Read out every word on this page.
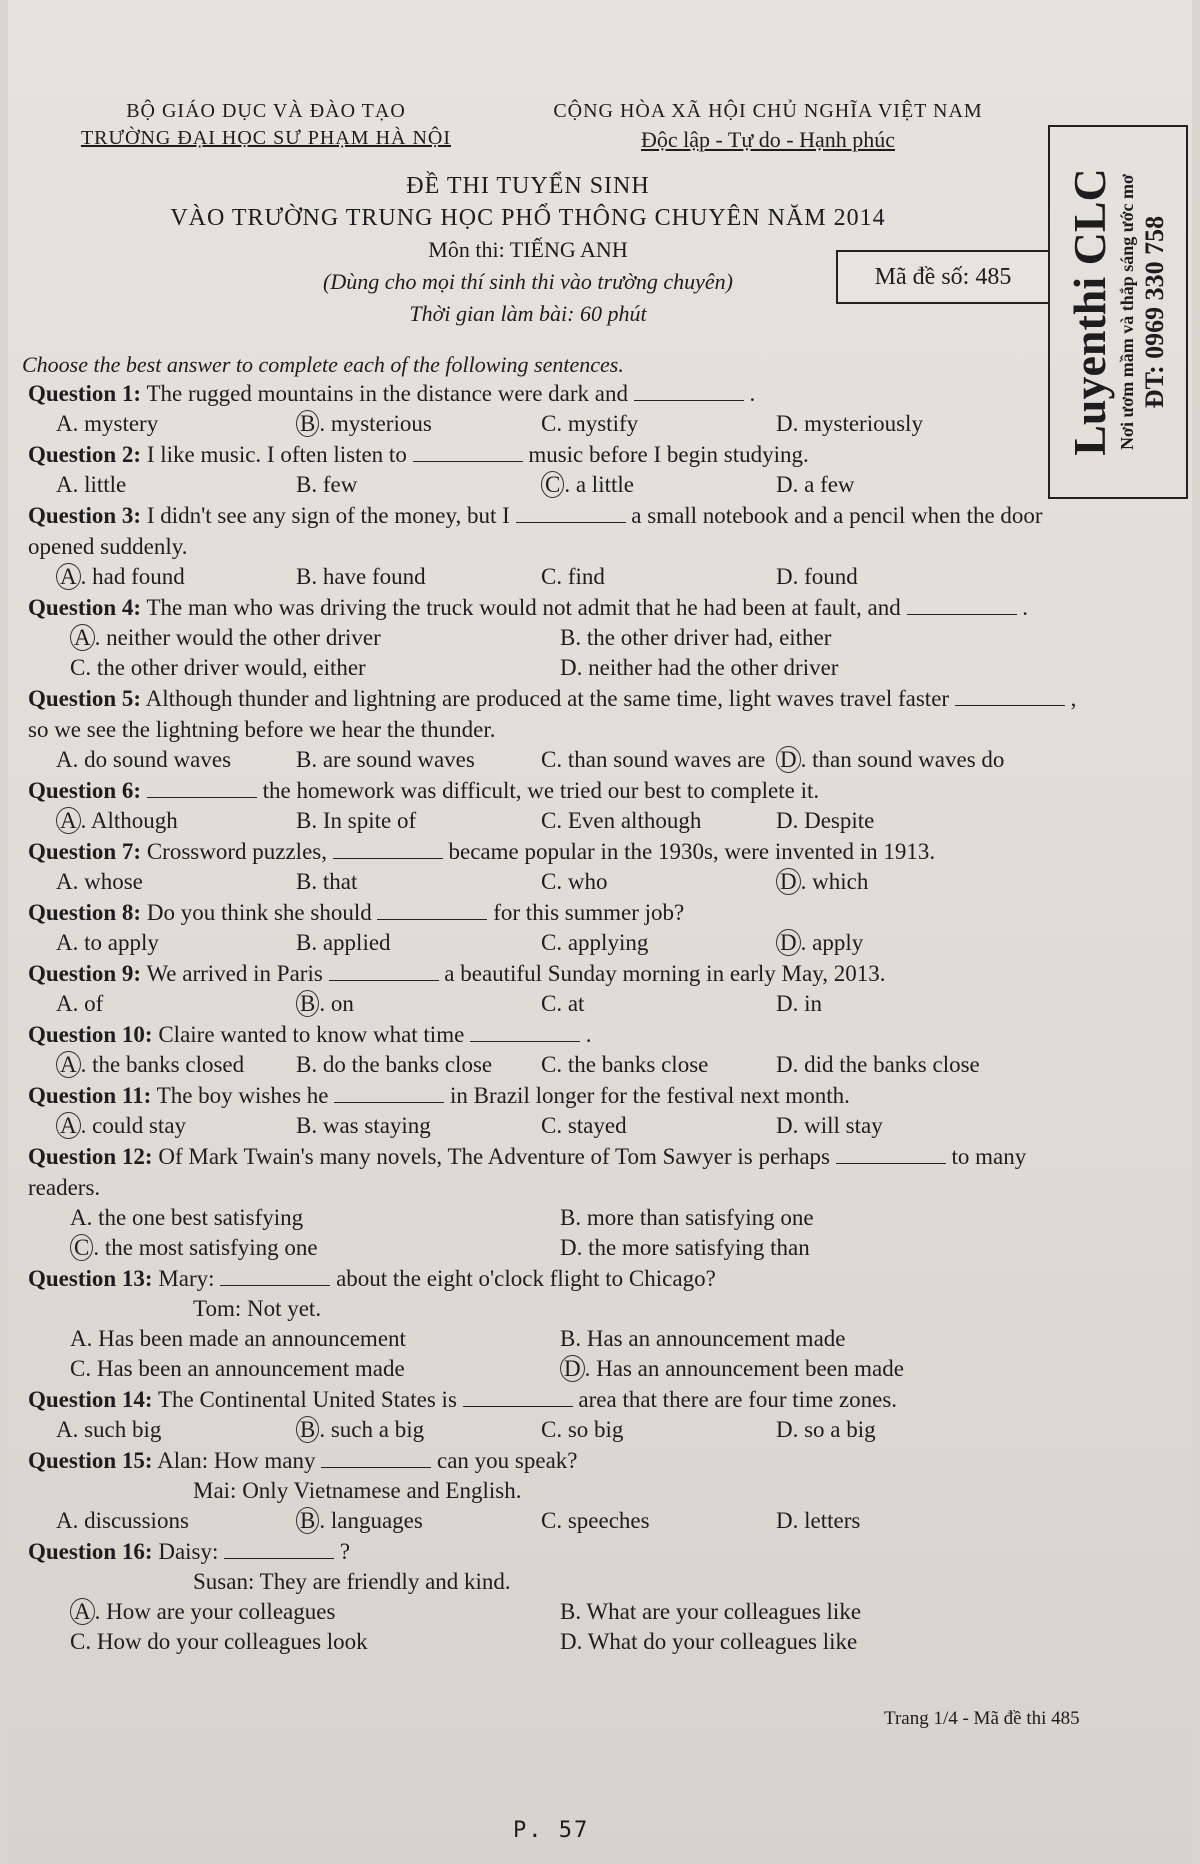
BỘ GIÁO DỤC VÀ ĐÀO TẠO
TRƯỜNG ĐẠI HỌC SƯ PHẠM HÀ NỘI
CỘNG HÒA XÃ HỘI CHỦ NGHĨA VIỆT NAM
Độc lập - Tự do - Hạnh phúc
ĐỀ THI TUYỂN SINH
VÀO TRƯỜNG TRUNG HỌC PHỔ THÔNG CHUYÊN NĂM 2014
Môn thi: TIẾNG ANH
(Dùng cho mọi thí sinh thi vào trường chuyên)
Thời gian làm bài: 60 phút
Mã đề số: 485 Luyenthi CLC Nơi ươm mầm và thắp sáng ước mơ ĐT: 0969 330 758
Choose the best answer to complete each of the following sentences.
Question 1: The rugged mountains in the distance were dark and	.
A. mystery	B . mysterious	C. mystify	D. mysteriously
Question 2: I like music. I often listen to	music before I begin studying.
A. little	B. few	C . a little	D. a few
Question 3: I didn't see any sign of the money, but I	a small notebook and a pencil when the door opened suddenly.
A . had found	B. have found	C. find	D. found
Question 4: The man who was driving the truck would not admit that he had been at fault, and	.
A . neither would the other driver	B. the other driver had, either
C. the other driver would, either	D. neither had the other driver
Question 5: Although thunder and lightning are produced at the same time, light waves travel faster	, so we see the lightning before we hear the thunder.
A. do sound waves	B. are sound waves	C. than sound waves are D . than sound waves do
Question 6:	the homework was difficult, we tried our best to complete it.
A . Although	B. In spite of	C. Even although	D. Despite
Question 7: Crossword puzzles,	became popular in the 1930s, were invented in 1913.
A. whose	B. that	C. who	D . which
Question 8: Do you think she should	for this summer job?
A. to apply	B. applied	C. applying	D . apply
Question 9: We arrived in Paris	a beautiful Sunday morning in early May, 2013.
A. of	B . on	C. at	D. in
Question 10: Claire wanted to know what time	.
A . the banks closed	B. do the banks close	C. the banks close	D. did the banks close
Question 11: The boy wishes he	in Brazil longer for the festival next month.
A . could stay	B. was staying	C. stayed	D. will stay
Question 12: Of Mark Twain's many novels, The Adventure of Tom Sawyer is perhaps	to many readers.
A. the one best satisfying	B. more than satisfying one
C . the most satisfying one	D. the more satisfying than
Question 13: Mary:	about the eight o'clock flight to Chicago?
Tom: Not yet.
A. Has been made an announcement	B. Has an announcement made
C. Has been an announcement made	D . Has an announcement been made
Question 14: The Continental United States is	area that there are four time zones.
A. such big	B . such a big	C. so big	D. so a big
Question 15: Alan: How many	can you speak?
Mai: Only Vietnamese and English.
A. discussions	B . languages	C. speeches	D. letters
Question 16: Daisy:	?
Susan: They are friendly and kind.
A . How are your colleagues	B. What are your colleagues like
C. How do your colleagues look	D. What do your colleagues like
Trang 1/4 - Mã đề thi 485
P. 57
